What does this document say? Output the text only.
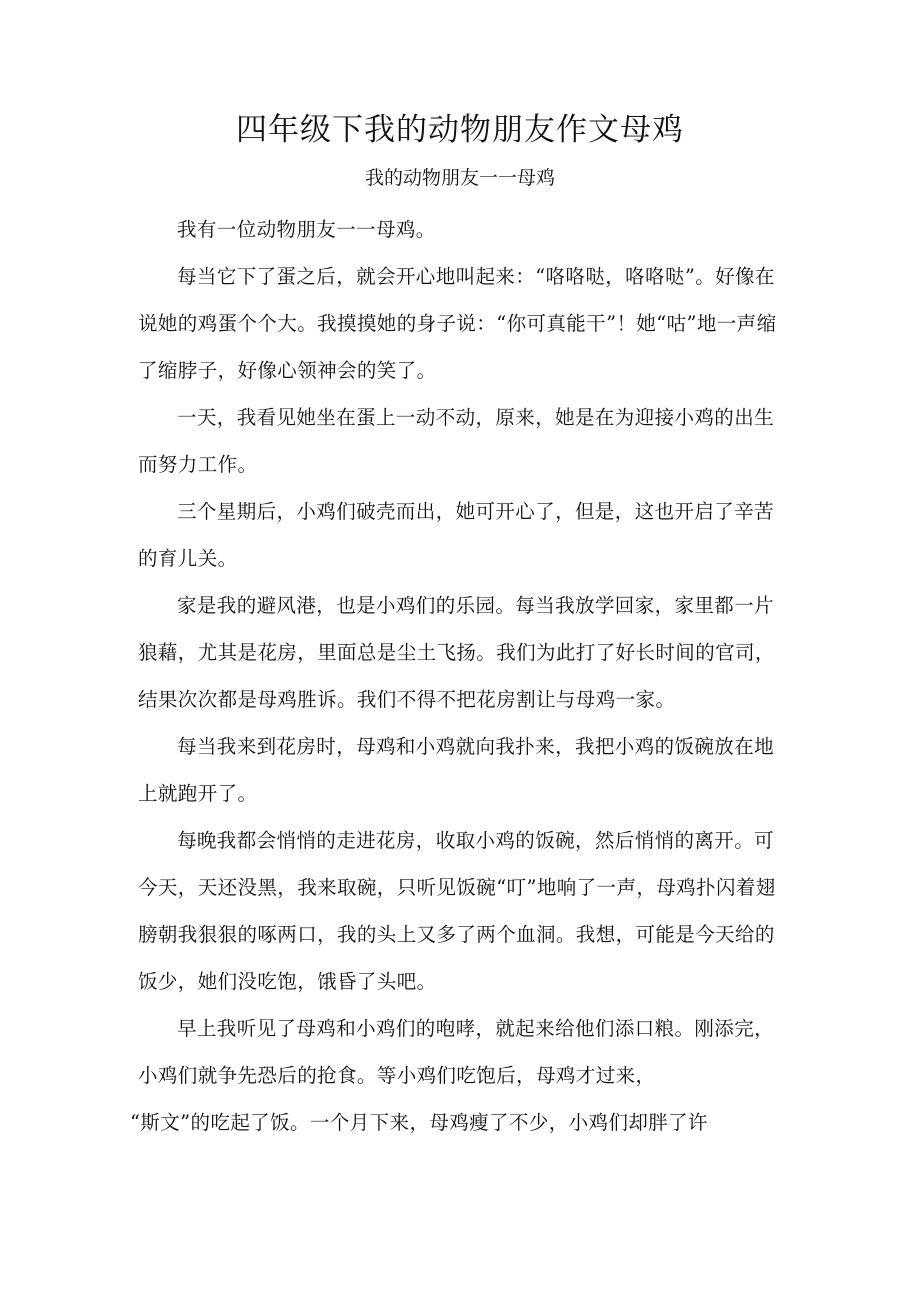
四年级下我的动物朋友作文母鸡
我的动物朋友一一母鸡

我有一位动物朋友一一母鸡。

每当它下了蛋之后，就会开心地叫起来：“咯咯哒，咯咯哒”。好像在说她的鸡蛋个个大。我摸摸她的身子说：“你可真能干”！她“咕”地一声缩了缩脖子，好像心领神会的笑了。

一天，我看见她坐在蛋上一动不动，原来，她是在为迎接小鸡的出生而努力工作。

三个星期后，小鸡们破壳而出，她可开心了，但是，这也开启了辛苦的育儿关。

家是我的避风港，也是小鸡们的乐园。每当我放学回家，家里都一片狼藉，尤其是花房，里面总是尘土飞扬。我们为此打了好长时间的官司，结果次次都是母鸡胜诉。我们不得不把花房割让与母鸡一家。

每当我来到花房时，母鸡和小鸡就向我扑来，我把小鸡的饭碗放在地上就跑开了。

每晚我都会悄悄的走进花房，收取小鸡的饭碗，然后悄悄的离开。可今天，天还没黑，我来取碗，只听见饭碗“叮”地响了一声，母鸡扑闪着翅膀朝我狠狠的啄两口，我的头上又多了两个血洞。我想，可能是今天给的饭少，她们没吃饱，饿昏了头吧。

早上我听见了母鸡和小鸡们的咆哮，就起来给他们添口粮。刚添完，小鸡们就争先恐后的抢食。等小鸡们吃饱后，母鸡才过来，

“斯文”的吃起了饭。一个月下来，母鸡瘦了不少，小鸡们却胖了许
